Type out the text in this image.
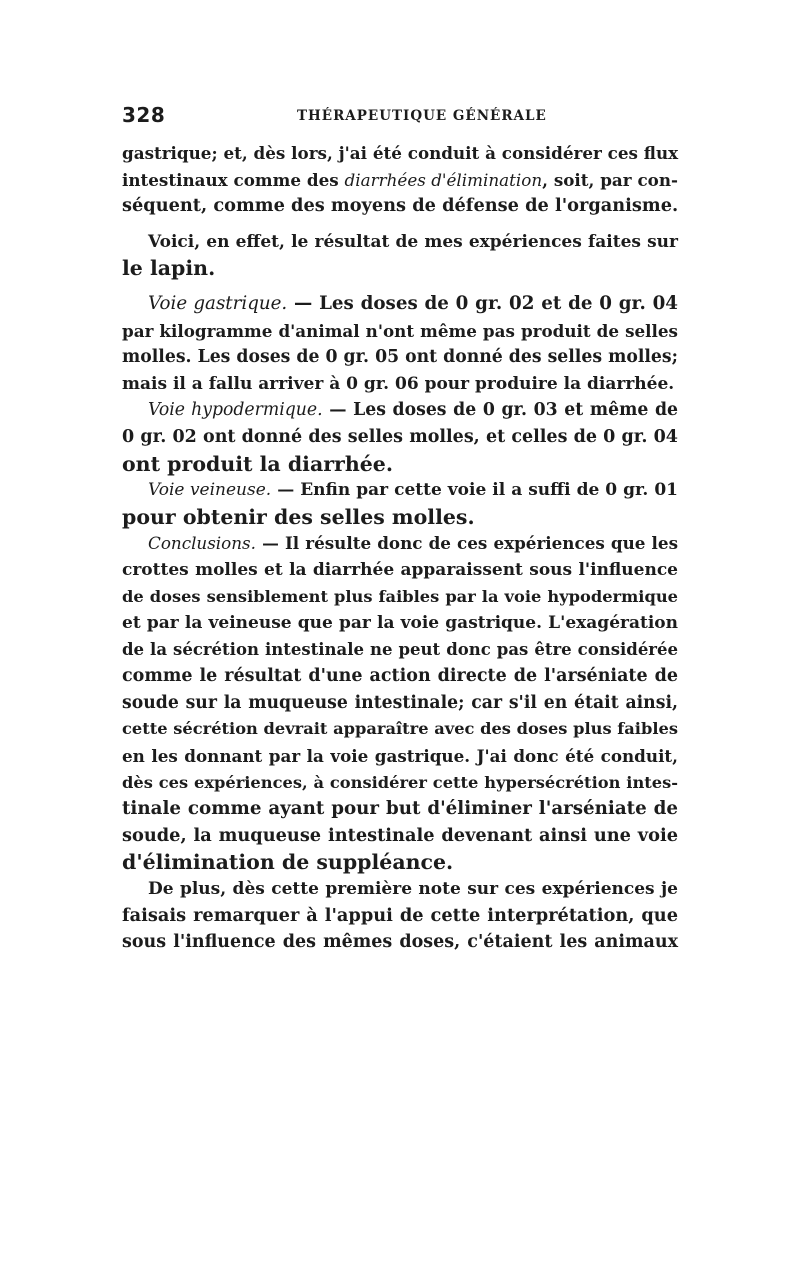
328	THÉRAPEUTIQUE GÉNÉRALE
gastrique; et, dès lors, j'ai été conduit à considérer ces flux
intestinaux comme des diarrhées d'élimination, soit, par con-
séquent, comme des moyens de défense de l'organisme.
Voici, en effet, le résultat de mes expériences faites sur
le lapin.
Voie gastrique. — Les doses de 0 gr. 02 et de 0 gr. 04
par kilogramme d'animal n'ont même pas produit de selles
molles. Les doses de 0 gr. 05 ont donné des selles molles;
mais il a fallu arriver à 0 gr. 06 pour produire la diarrhée.
Voie hypodermique. — Les doses de 0 gr. 03 et même de
0 gr. 02 ont donné des selles molles, et celles de 0 gr. 04
ont produit la diarrhée.
Voie veineuse. — Enfin par cette voie il a suffi de 0 gr. 01
pour obtenir des selles molles.
Conclusions. — Il résulte donc de ces expériences que les
crottes molles et la diarrhée apparaissent sous l'influence
de doses sensiblement plus faibles par la voie hypodermique
et par la veineuse que par la voie gastrique. L'exagération
de la sécrétion intestinale ne peut donc pas être considérée
comme le résultat d'une action directe de l'arséniate de
soude sur la muqueuse intestinale; car s'il en était ainsi,
cette sécrétion devrait apparaître avec des doses plus faibles
en les donnant par la voie gastrique. J'ai donc été conduit,
dès ces expériences, à considérer cette hypersécrétion intes-
tinale comme ayant pour but d'éliminer l'arséniate de
soude, la muqueuse intestinale devenant ainsi une voie
d'élimination de suppléance.
De plus, dès cette première note sur ces expériences je
faisais remarquer à l'appui de cette interprétation, que
sous l'influence des mêmes doses, c'étaient les animaux
